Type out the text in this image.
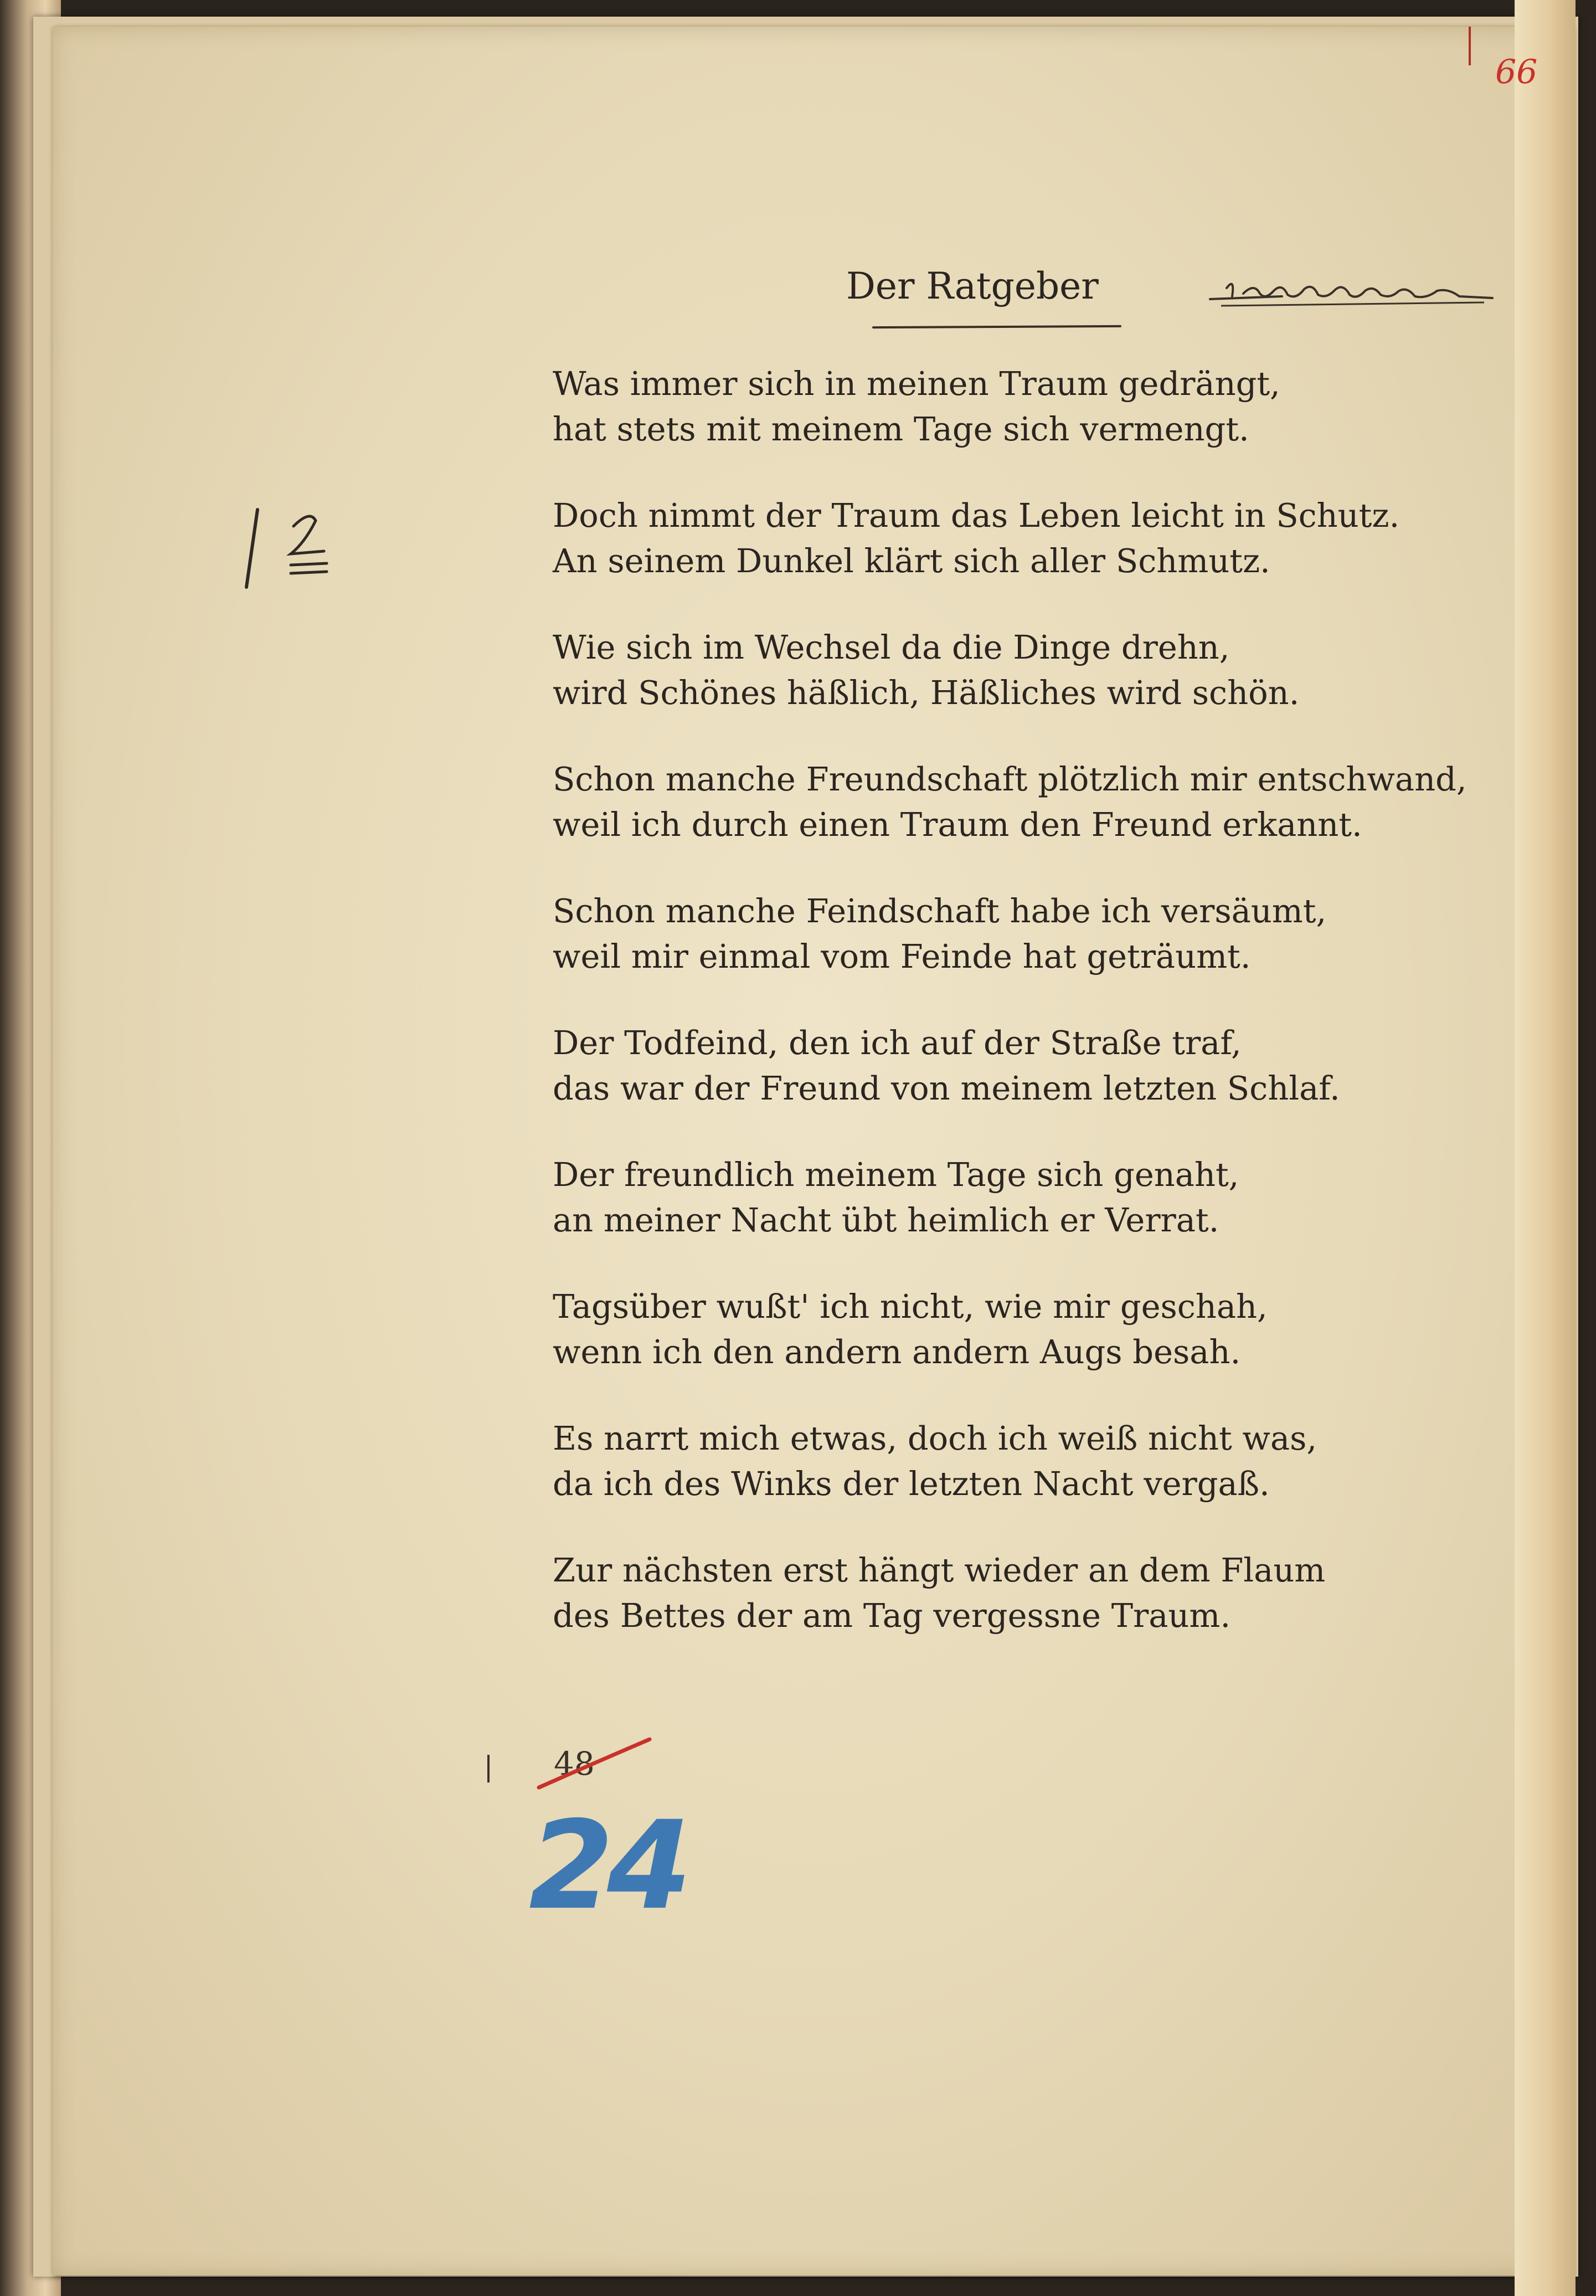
66
Der Ratgeber
Was immer sich in meinen Traum gedrängt,
hat stets mit meinem Tage sich vermengt.
Doch nimmt der Traum das Leben leicht in Schutz.
An seinem Dunkel klärt sich aller Schmutz.
Wie sich im Wechsel da die Dinge drehn,
wird Schönes häßlich, Häßliches wird schön.
Schon manche Freundschaft plötzlich mir entschwand,
weil ich durch einen Traum den Freund erkannt.
Schon manche Feindschaft habe ich versäumt,
weil mir einmal vom Feinde hat geträumt.
Der Todfeind, den ich auf der Straße traf,
das war der Freund von meinem letzten Schlaf.
Der freundlich meinem Tage sich genaht,
an meiner Nacht übt heimlich er Verrat.
Tagsüber wußt' ich nicht, wie mir geschah,
wenn ich den andern andern Augs besah.
Es narrt mich etwas, doch ich weiß nicht was,
da ich des Winks der letzten Nacht vergaß.
Zur nächsten erst hängt wieder an dem Flaum
des Bettes der am Tag vergessne Traum.
48
24
